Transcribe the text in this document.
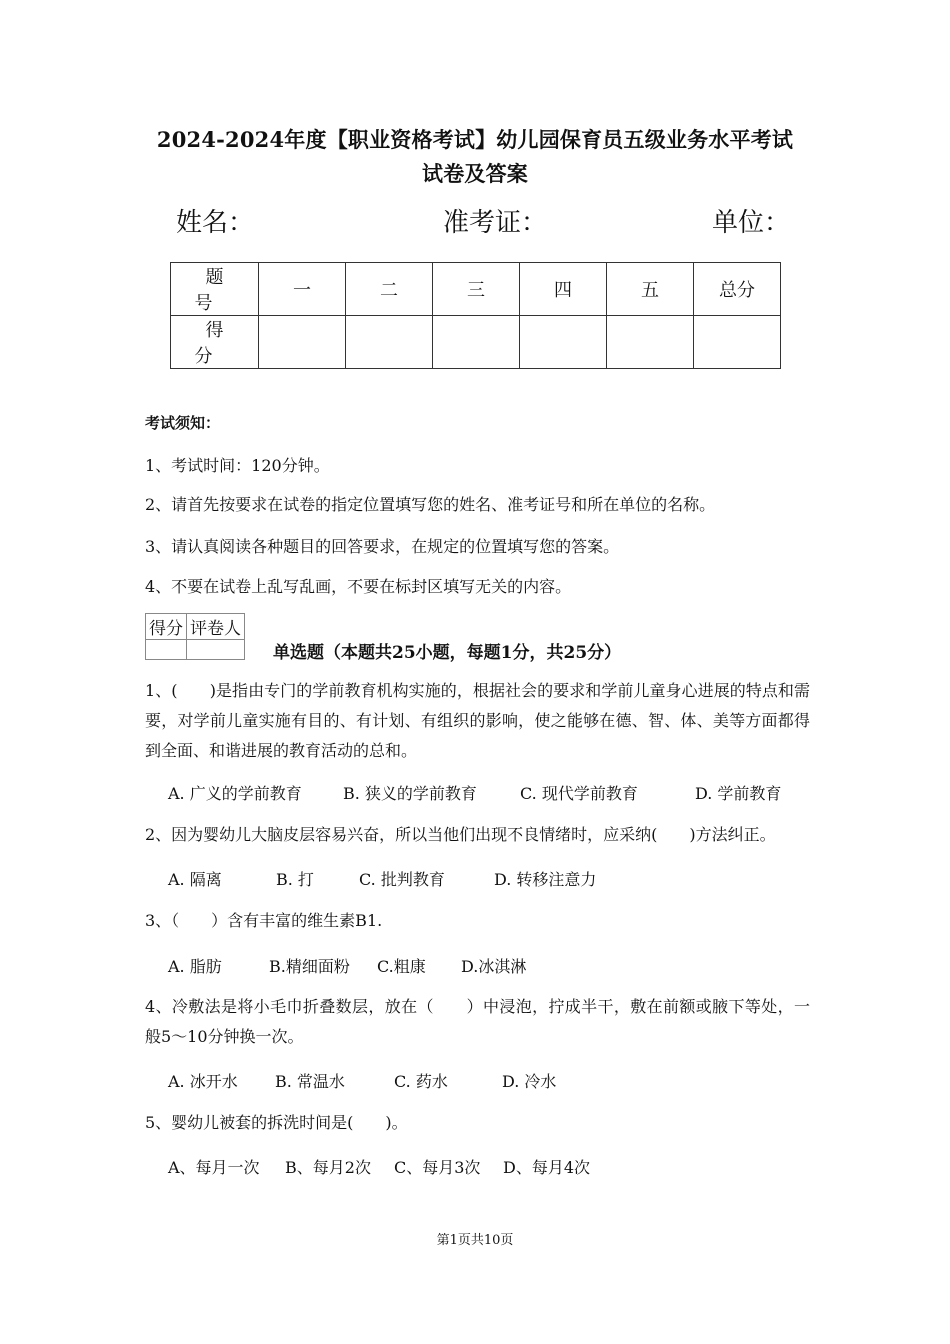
2024-2024年度【职业资格考试】幼儿园保育员五级业务水平考试
试卷及答案
姓名：	准考证：	单位：
题号	一	二	三	四	五	总分
得分						
考试须知：
1、考试时间：120分钟。
2、请首先按要求在试卷的指定位置填写您的姓名、准考证号和所在单位的名称。
3、请认真阅读各种题目的回答要求，在规定的位置填写您的答案。
4、不要在试卷上乱写乱画，不要在标封区填写无关的内容。
得分	评卷人

单选题（本题共25小题，每题1分，共25分）
1、(　　)是指由专门的学前教育机构实施的，根据社会的要求和学前儿童身心进展的特点和需要，对学前儿童实施有目的、有计划、有组织的影响，使之能够在德、智、体、美等方面都得到全面、和谐进展的教育活动的总和。
A. 广义的学前教育	B. 狭义的学前教育	C. 现代学前教育	D. 学前教育
2、因为婴幼儿大脑皮层容易兴奋，所以当他们出现不良情绪时，应采纳(　　)方法纠正。
A. 隔离	B. 打	C. 批判教育	D. 转移注意力
3、（　　）含有丰富的维生素B1.
A. 脂肪	B.精细面粉 C.粗康 D.冰淇淋
4、冷敷法是将小毛巾折叠数层，放在（　　）中浸泡，拧成半干，敷在前额或腋下等处，一般5～10分钟换一次。
A. 冰开水 B. 常温水	C. 药水	D. 冷水
5、婴幼儿被套的拆洗时间是(　　)。
A、每月一次 B、每月2次 C、每月3次 D、每月4次
第1页共10页
